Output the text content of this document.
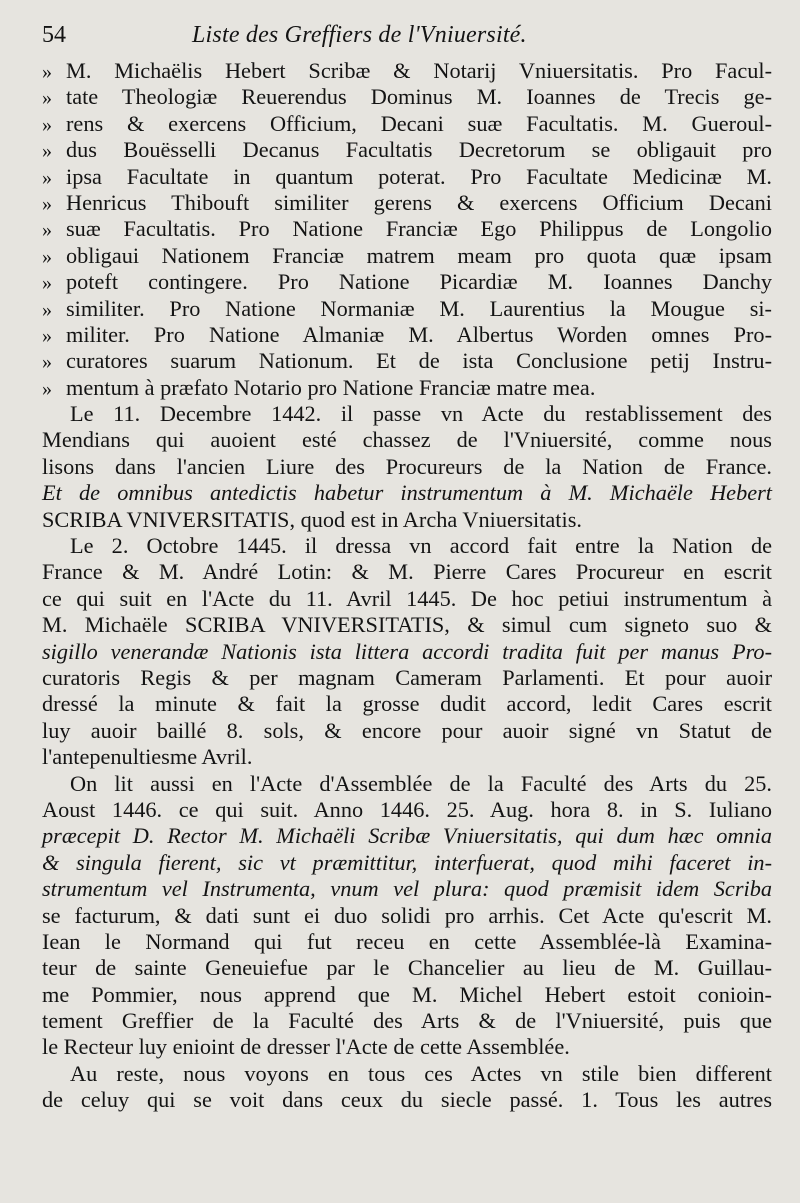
54	Liste des Greffiers de l'Vniuersité.
» M. Michaëlis Hebert Scribæ & Notarij Vniuersitatis. Pro Facul-
» tate Theologiæ Reuerendus Dominus M. Ioannes de Trecis ge-
» rens & exercens Officium, Decani suæ Facultatis. M. Gueroul-
» dus Bouësselli Decanus Facultatis Decretorum se obligauit pro
» ipsa Facultate in quantum poterat. Pro Facultate Medicinæ M.
» Henricus Thibouft similiter gerens & exercens Officium Decani
» suæ Facultatis. Pro Natione Franciæ Ego Philippus de Longolio
» obligaui Nationem Franciæ matrem meam pro quota quæ ipsam
» poteft contingere. Pro Natione Picardiæ M. Ioannes Danchy
» similiter. Pro Natione Normaniæ M. Laurentius la Mougue si-
» militer. Pro Natione Almaniæ M. Albertus Worden omnes Pro-
» curatores suarum Nationum. Et de ista Conclusione petij Instru-
» mentum à præfato Notario pro Natione Franciæ matre mea.
Le 11. Decembre 1442. il passe vn Acte du restablissement des
Mendians qui auoient esté chassez de l'Vniuersité, comme nous
lisons dans l'ancien Liure des Procureurs de la Nation de France.
Et de omnibus antedictis habetur instrumentum à M. Michaële Hebert
SCRIBA VNIVERSITATIS, quod est in Archa Vniuersitatis.
Le 2. Octobre 1445. il dressa vn accord fait entre la Nation de
France & M. André Lotin: & M. Pierre Cares Procureur en escrit
ce qui suit en l'Acte du 11. Avril 1445. De hoc petiui instrumentum à
M. Michaële SCRIBA VNIVERSITATIS, & simul cum signeto suo &
sigillo venerandæ Nationis ista littera accordi tradita fuit per manus Pro-
curatoris Regis & per magnam Cameram Parlamenti. Et pour auoir
dressé la minute & fait la grosse dudit accord, ledit Cares escrit
luy auoir baillé 8. sols, & encore pour auoir signé vn Statut de
l'antepenultiesme Avril.
On lit aussi en l'Acte d'Assemblée de la Faculté des Arts du 25.
Aoust 1446. ce qui suit. Anno 1446. 25. Aug. hora 8. in S. Iuliano
præcepit D. Rector M. Michaëli Scribæ Vniuersitatis, qui dum hæc omnia
& singula fierent, sic vt præmittitur, interfuerat, quod mihi faceret in-
strumentum vel Instrumenta, vnum vel plura: quod præmisit idem Scriba
se facturum, & dati sunt ei duo solidi pro arrhis. Cet Acte qu'escrit M.
Iean le Normand qui fut receu en cette Assemblée-là Examina-
teur de sainte Geneuiefue par le Chancelier au lieu de M. Guillau-
me Pommier, nous apprend que M. Michel Hebert estoit conioin-
tement Greffier de la Faculté des Arts & de l'Vniuersité, puis que
le Recteur luy enioint de dresser l'Acte de cette Assemblée.
Au reste, nous voyons en tous ces Actes vn stile bien different
de celuy qui se voit dans ceux du siecle passé. 1. Tous les autres
